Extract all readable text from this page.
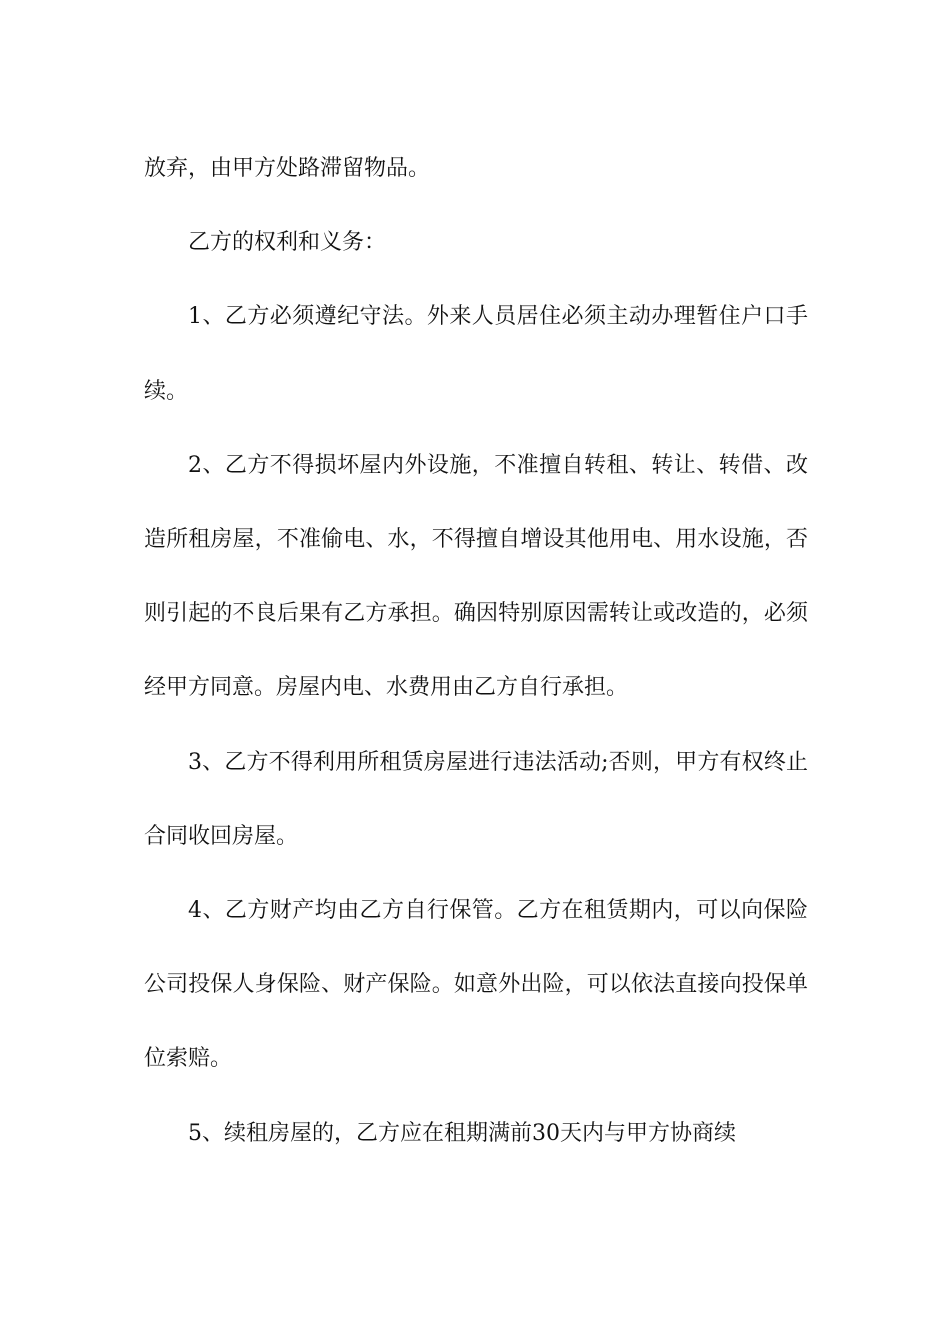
放弃，由甲方处路滞留物品。

乙方的权利和义务：

1、乙方必须遵纪守法。外来人员居住必须主动办理暂住户口手续。

2、乙方不得损坏屋内外设施，不准擅自转租、转让、转借、改造所租房屋，不准偷电、水，不得擅自增设其他用电、用水设施，否则引起的不良后果有乙方承担。确因特别原因需转让或改造的，必须经甲方同意。房屋内电、水费用由乙方自行承担。

3、乙方不得利用所租赁房屋进行违法活动;否则，甲方有权终止合同收回房屋。

4、乙方财产均由乙方自行保管。乙方在租赁期内，可以向保险公司投保人身保险、财产保险。如意外出险，可以依法直接向投保单位索赔。

5、续租房屋的，乙方应在租期满前30天内与甲方协商续
